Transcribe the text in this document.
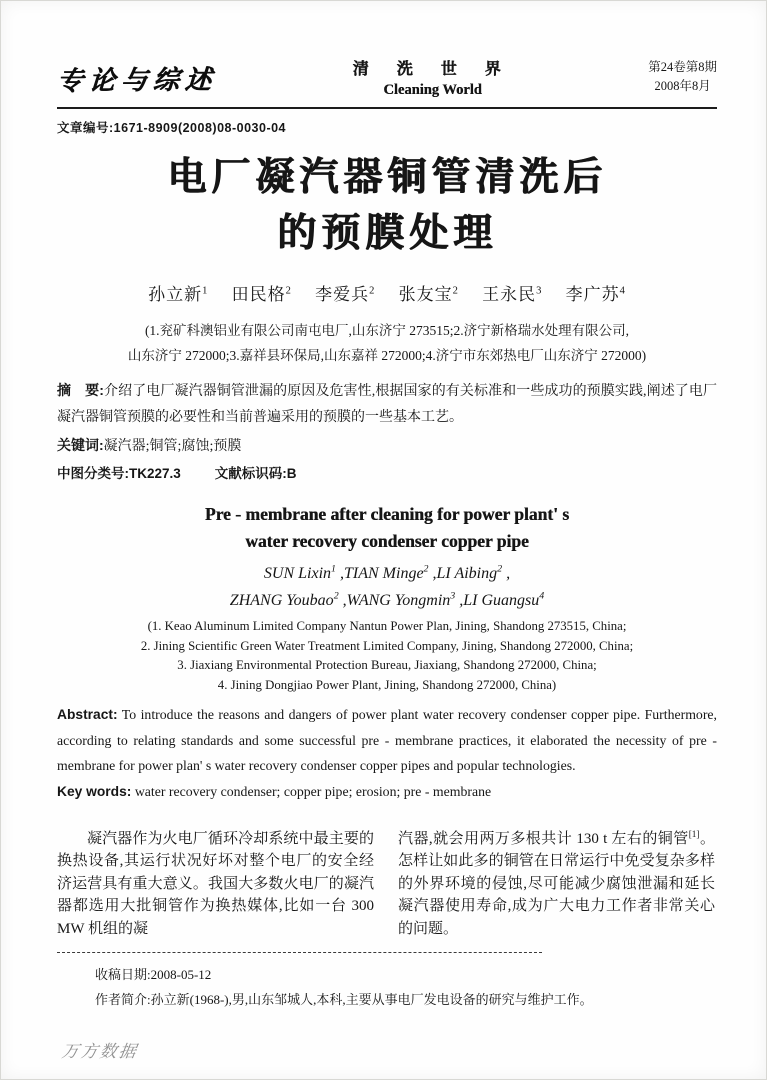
专论与综述	清 洗 世 界
Cleaning World
第24卷第8期
2008年8月
文章编号:1671-8909(2008)08-0030-04
电厂凝汽器铜管清洗后
的预膜处理
孙立新$^1$ 田民格$^2$ 李爱兵$^2$ 张友宝$^2$ 王永民$^3$ 李广苏$^4$
(1.兖矿科澳铝业有限公司南屯电厂,山东济宁 273515;2.济宁新格瑞水处理有限公司,
山东济宁 272000;3.嘉祥县环保局,山东嘉祥 272000;4.济宁市东郊热电厂山东济宁 272000)
摘　要:介绍了电厂凝汽器铜管泄漏的原因及危害性,根据国家的有关标准和一些成功的预膜实践,阐述了电厂凝汽器铜管预膜的必要性和当前普遍采用的预膜的一些基本工艺。
关键词:凝汽器;铜管;腐蚀;预膜
中图分类号:TK227.3	文献标识码:B
Pre - membrane after cleaning for power plant' s
water recovery condenser copper pipe
SUN Lixin$^1$ ,TIAN Minge$^2$ ,LI Aibing$^2$ ,
ZHANG Youbao$^2$ ,WANG Yongmin$^3$ ,LI Guangsu$^4$
(1. Keao Aluminum Limited Company Nantun Power Plan, Jining, Shandong 273515, China;
2. Jining Scientific Green Water Treatment Limited Company, Jining, Shandong 272000, China;
3. Jiaxiang Environmental Protection Bureau, Jiaxiang, Shandong 272000, China;
4. Jining Dongjiao Power Plant, Jining, Shandong 272000, China)
Abstract: To introduce the reasons and dangers of power plant water recovery condenser copper pipe. Furthermore, according to relating standards and some successful pre - membrane practices, it elaborated the necessity of pre - membrane for power plan' s water recovery condenser copper pipes and popular technologies.
Key words: water recovery condenser; copper pipe; erosion; pre - membrane

凝汽器作为火电厂循环冷却系统中最主要的换热设备,其运行状况好坏对整个电厂的安全经济运营具有重大意义。我国大多数火电厂的凝汽器都选用大批铜管作为换热媒体,比如一台 300 MW 机组的凝

汽器,就会用两万多根共计 130 t 左右的铜管[1]。怎样让如此多的铜管在日常运行中免受复杂多样的外界环境的侵蚀,尽可能减少腐蚀泄漏和延长凝汽器使用寿命,成为广大电力工作者非常关心的问题。

收稿日期:2008-05-12
作者简介:孙立新(1968-),男,山东邹城人,本科,主要从事电厂发电设备的研究与维护工作。
万方数据
